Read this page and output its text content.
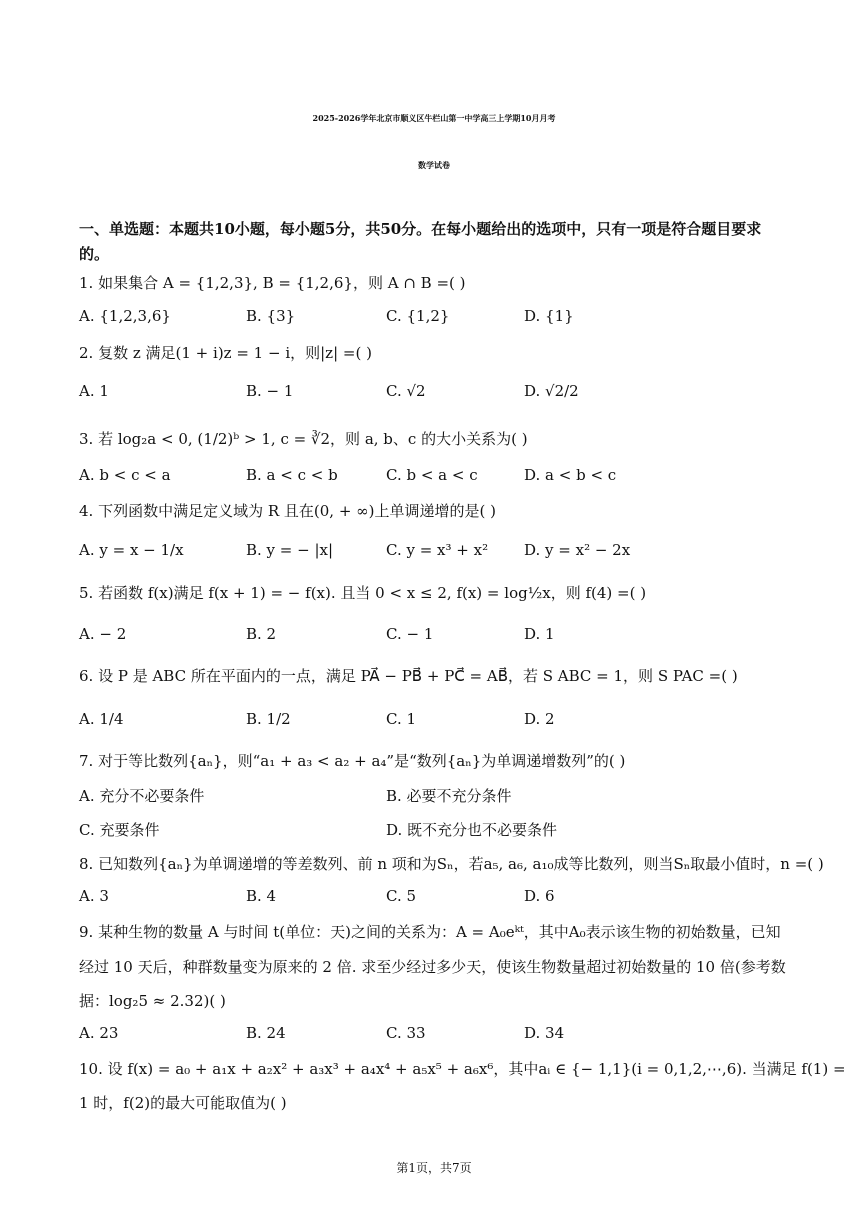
2025-2026学年北京市顺义区牛栏山第一中学高三上学期10月月考
数学试卷
一、单选题：本题共10小题，每小题5分，共50分。在每小题给出的选项中，只有一项是符合题目要求
的。
1. 如果集合 A = {1,2,3}, B = {1,2,6}，则 A ∩ B =( )
A. {1,2,3,6}	B. {3}	C. {1,2}	D. {1}
2. 复数 z 满足(1 + i)z = 1 − i，则|z| =( )
A. 1	B. − 1	C. √2	D. √2/2
3. 若 log₂a < 0, (1/2)ᵇ > 1, c = ∛2，则 a, b、c 的大小关系为( )
A. b < c < a	B. a < c < b	C. b < a < c	D. a < b < c
4. 下列函数中满足定义域为 R 且在(0, + ∞)上单调递增的是( )
A. y = x − 1/x	B. y = − |x|	C. y = x³ + x² D. y = x² − 2x
5. 若函数 f(x)满足 f(x + 1) = − f(x). 且当 0 < x ≤ 2, f(x) = log½x，则 f(4) =( )
A. − 2	B. 2	C. − 1	D. 1
6. 设 P 是 ABC 所在平面内的一点，满足 PA⃗ − PB⃗ + PC⃗ = AB⃗，若 S ABC = 1，则 S PAC =( )
A. 1/4	B. 1/2	C. 1	D. 2
7. 对于等比数列{aₙ}，则“a₁ + a₃ < a₂ + a₄”是“数列{aₙ}为单调递增数列”的( )
A. 充分不必要条件	B. 必要不充分条件
C. 充要条件	D. 既不充分也不必要条件
8. 已知数列{aₙ}为单调递增的等差数列、前 n 项和为Sₙ，若a₅, a₆, a₁₀成等比数列，则当Sₙ取最小值时，n =( )
A. 3	B. 4	C. 5	D. 6
9. 某种生物的数量 A 与时间 t(单位：天)之间的关系为：A = A₀eᵏᵗ，其中A₀表示该生物的初始数量，已知
经过 10 天后，种群数量变为原来的 2 倍. 求至少经过多少天，使该生物数量超过初始数量的 10 倍(参考数
据：log₂5 ≈ 2.32)( )
A. 23	B. 24	C. 33	D. 34
10. 设 f(x) = a₀ + a₁x + a₂x² + a₃x³ + a₄x⁴ + a₅x⁵ + a₆x⁶，其中aᵢ ∈ {− 1,1}(i = 0,1,2,⋯,6). 当满足 f(1) =
1 时，f(2)的最大可能取值为( )
第1页，共7页
